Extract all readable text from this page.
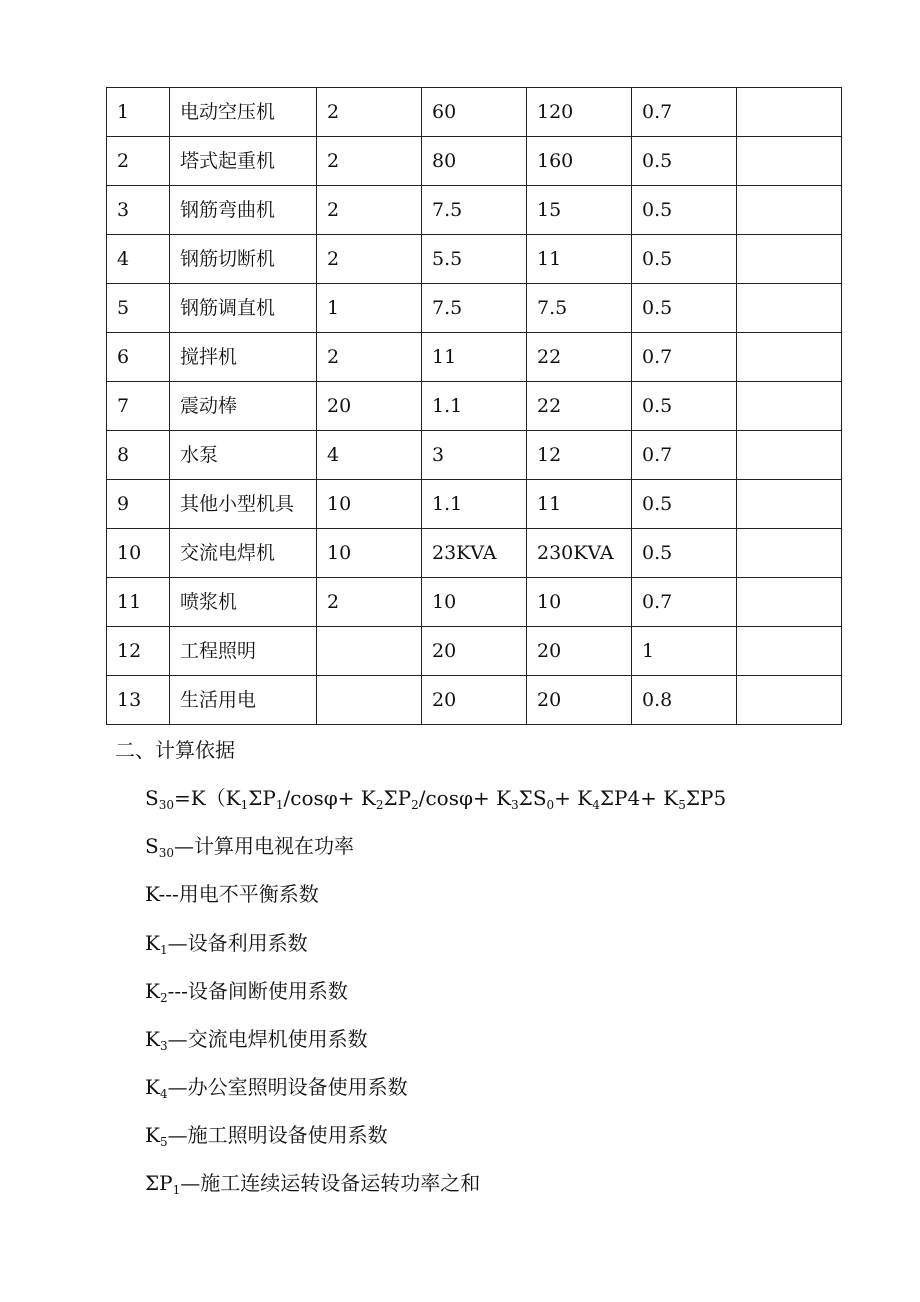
1	电动空压机	2	60	120	0.7	
2	塔式起重机	2	80	160	0.5	
3	钢筋弯曲机	2	7.5	15	0.5	
4	钢筋切断机	2	5.5	11	0.5	
5	钢筋调直机	1	7.5	7.5	0.5	
6	搅拌机	2	11	22	0.7	
7	震动棒	20	1.1	22	0.5	
8	水泵	4	3	12	0.7	
9	其他小型机具	10	1.1	11	0.5	
10	交流电焊机	10	23KVA	230KVA	0.5	
11	喷浆机	2	10	10	0.7	
12	工程照明		20	20	1	
13	生活用电		20	20	0.8	
二、计算依据
$S_{30}=K(K_1\Sigma P_1/\cos\varphi+ K_2\Sigma P_2/\cos\varphi+ K_3\Sigma S_0+ K_4\Sigma P4+ K_5\Sigma P5$
$S_{30}—$计算用电视在功率
K---用电不平衡系数
$K_1—$设备利用系数
$K_2---$设备间断使用系数
$K_3—$交流电焊机使用系数
$K_4—$办公室照明设备使用系数
$K_5—$施工照明设备使用系数
$\Sigma P_1—$施工连续运转设备运转功率之和
